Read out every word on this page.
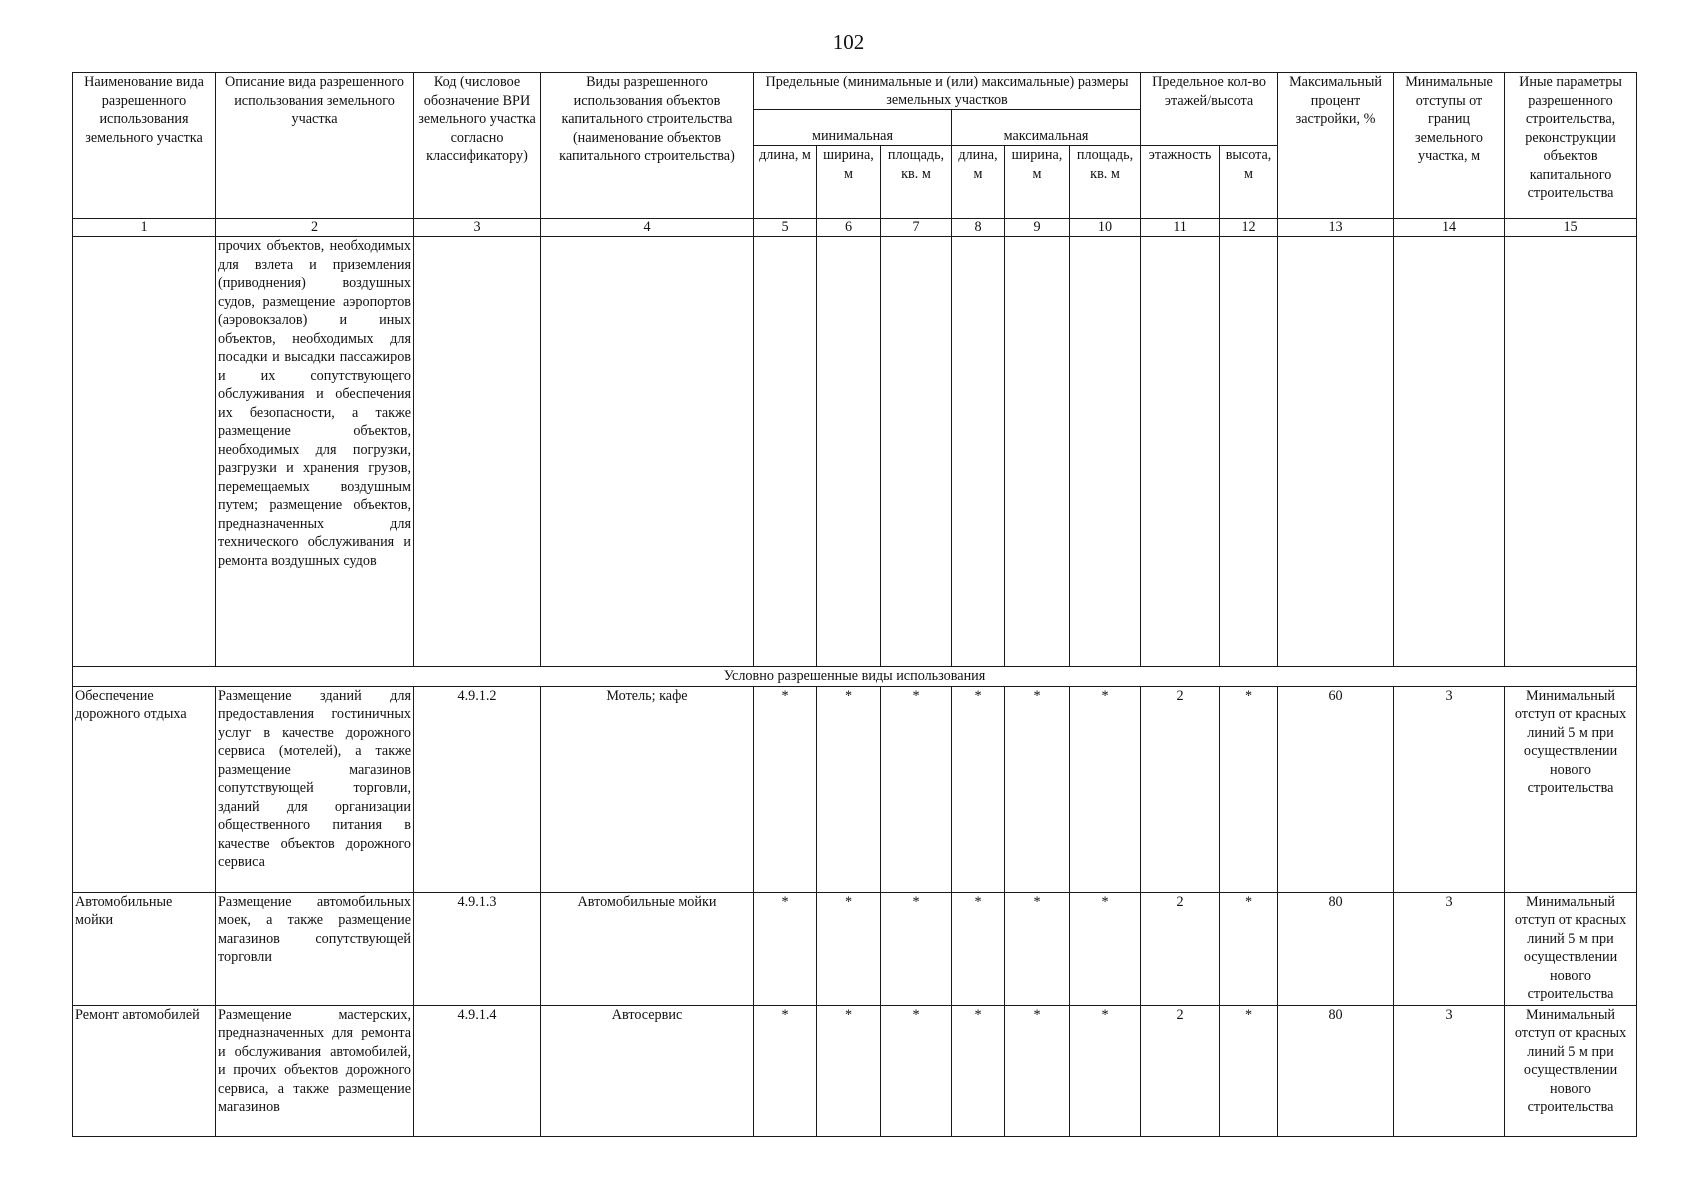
102
Наименование вида разрешенного использования земельного участка	Описание вида разрешенного использования земельного участка	Код (числовое обозначение ВРИ земельного участка согласно классификатору)	Виды разрешенного использования объектов капитального строительства (наименование объектов капитального строительства)	Предельные (минимальные и (или) максимальные) размеры земельных участков						Предельное кол-во этажей/высота		Максимальный процент застройки, %	Минимальные отступы от границ земельного участка, м	Иные параметры разрешенного строительства, реконструкции объектов капитального строительства
				минимальная			максимальная							
				длина, м	ширина, м	площадь, кв. м	длина, м	ширина, м	площадь, кв. м	этажность	высота, м			
1	2	3	4	5	6	7	8	9	10	11	12	13	14	15
	прочих объектов, необходимых для взлета и приземления (приводнения) воздушных судов, размещение аэропортов (аэровокзалов) и иных объектов, необходимых для посадки и высадки пассажиров и их сопутствующего обслуживания и обеспечения их безопасности, а также размещение объектов, необходимых для погрузки, разгрузки и хранения грузов, перемещаемых воздушным путем; размещение объектов, предназначенных для технического обслуживания и ремонта воздушных судов													
Условно разрешенные виды использования														
Обеспечение дорожного отдыха	Размещение зданий для предоставления гостиничных услуг в качестве дорожного сервиса (мотелей), а также размещение магазинов сопутствующей торговли, зданий для организации общественного питания в качестве объектов дорожного сервиса	4.9.1.2	Мотель; кафе	*	*	*	*	*	*	2	*	60	3	Минимальный отступ от красных линий 5 м при осуществлении нового строительства
Автомобильные мойки	Размещение автомобильных моек, а также размещение магазинов сопутствующей торговли	4.9.1.3	Автомобильные мойки	*	*	*	*	*	*	2	*	80	3	Минимальный отступ от красных линий 5 м при осуществлении нового строительства
Ремонт автомобилей	Размещение мастерских, предназначенных для ремонта и обслуживания автомобилей, и прочих объектов дорожного сервиса, а также размещение магазинов	4.9.1.4	Автосервис	*	*	*	*	*	*	2	*	80	3	Минимальный отступ от красных линий 5 м при осуществлении нового строительства
